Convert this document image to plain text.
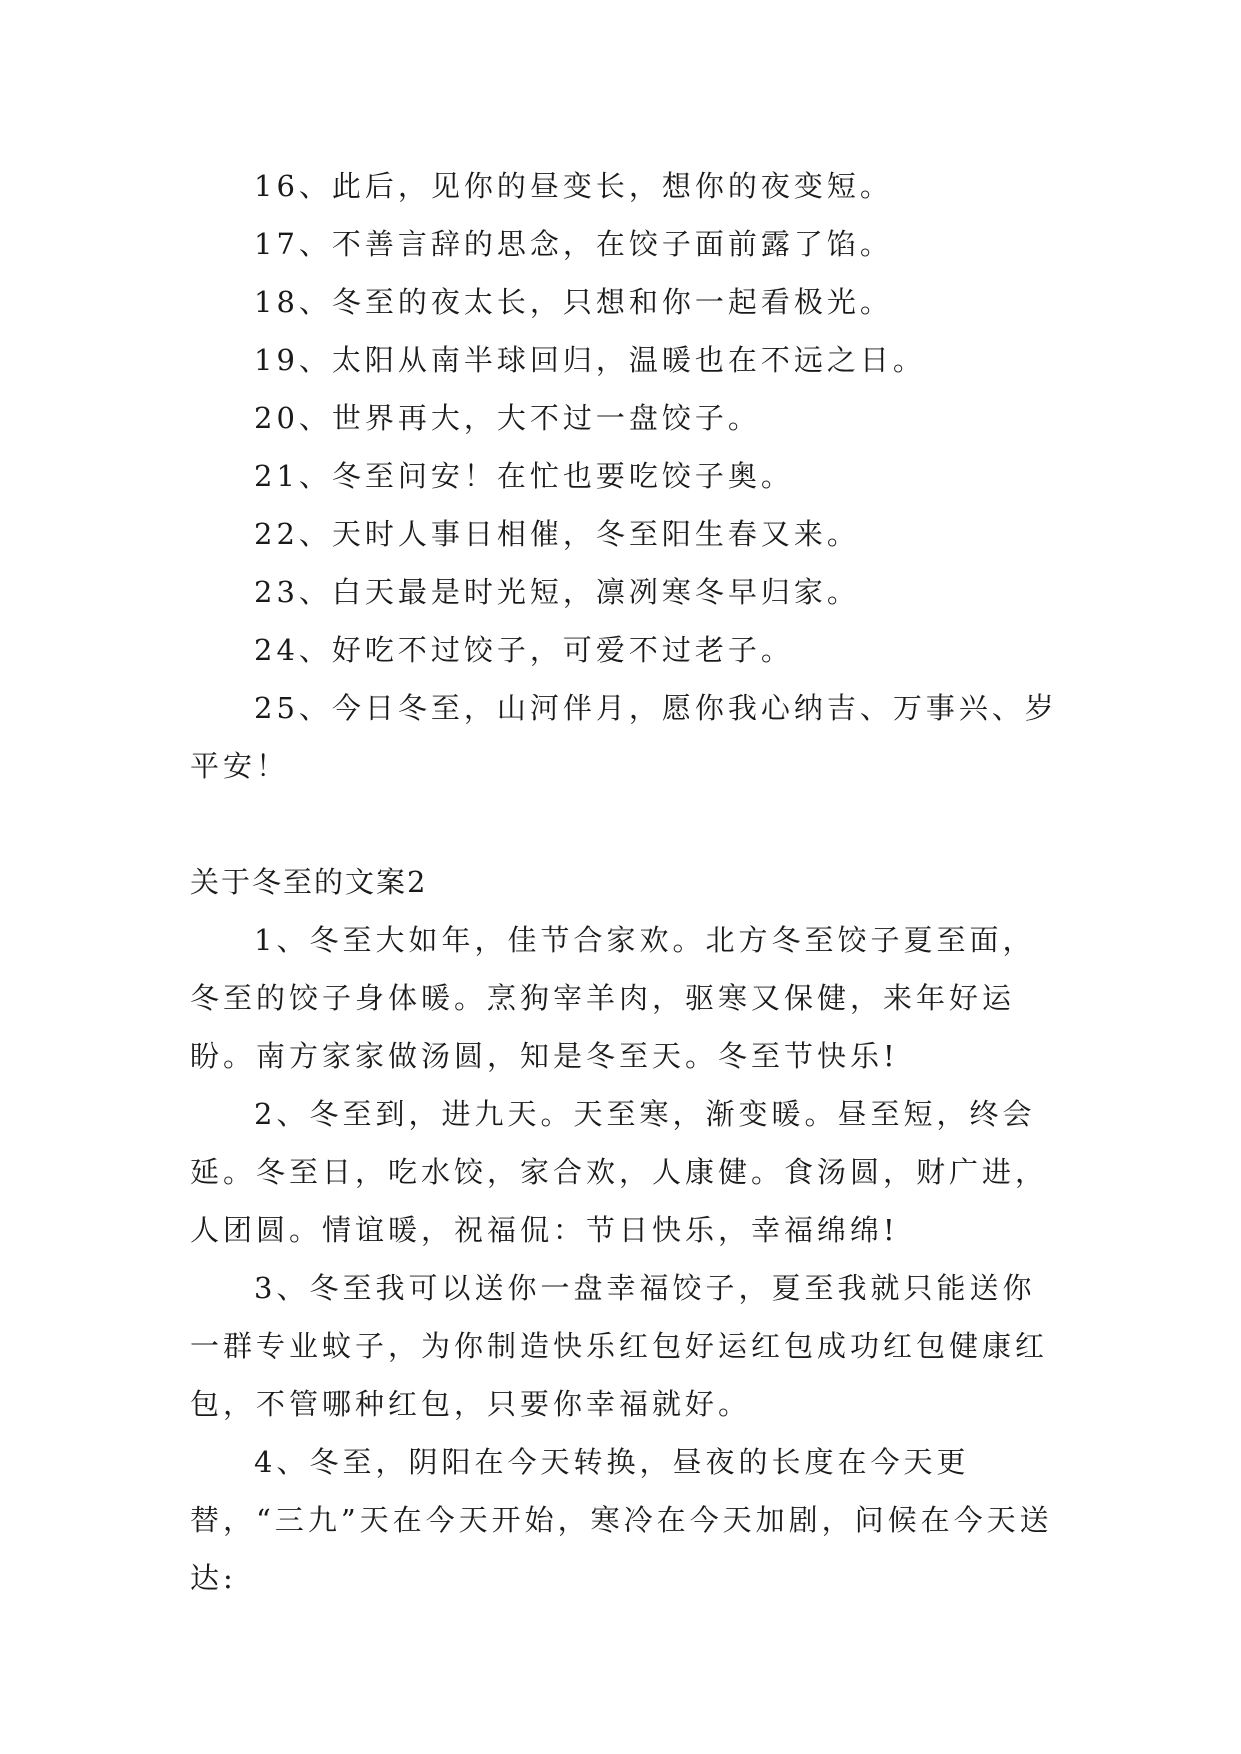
16、此后，见你的昼变长，想你的夜变短。

17、不善言辞的思念，在饺子面前露了馅。

18、冬至的夜太长，只想和你一起看极光。

19、太阳从南半球回归，温暖也在不远之日。

20、世界再大，大不过一盘饺子。

21、冬至问安！在忙也要吃饺子奥。

22、天时人事日相催，冬至阳生春又来。

23、白天最是时光短，凛冽寒冬早归家。

24、好吃不过饺子，可爱不过老子。

25、今日冬至，山河伴月，愿你我心纳吉、万事兴、岁平安！

关于冬至的文案2

1、冬至大如年，佳节合家欢。北方冬至饺子夏至面，冬至的饺子身体暖。烹狗宰羊肉，驱寒又保健，来年好运盼。南方家家做汤圆，知是冬至天。冬至节快乐!

2、冬至到，进九天。天至寒，渐变暖。昼至短，终会延。冬至日，吃水饺，家合欢，人康健。食汤圆，财广进，人团圆。情谊暖，祝福侃：节日快乐，幸福绵绵!

3、冬至我可以送你一盘幸福饺子，夏至我就只能送你一群专业蚊子，为你制造快乐红包好运红包成功红包健康红包，不管哪种红包，只要你幸福就好。

4、冬至，阴阳在今天转换，昼夜的长度在今天更替，“三九”天在今天开始，寒冷在今天加剧，问候在今天送达:
